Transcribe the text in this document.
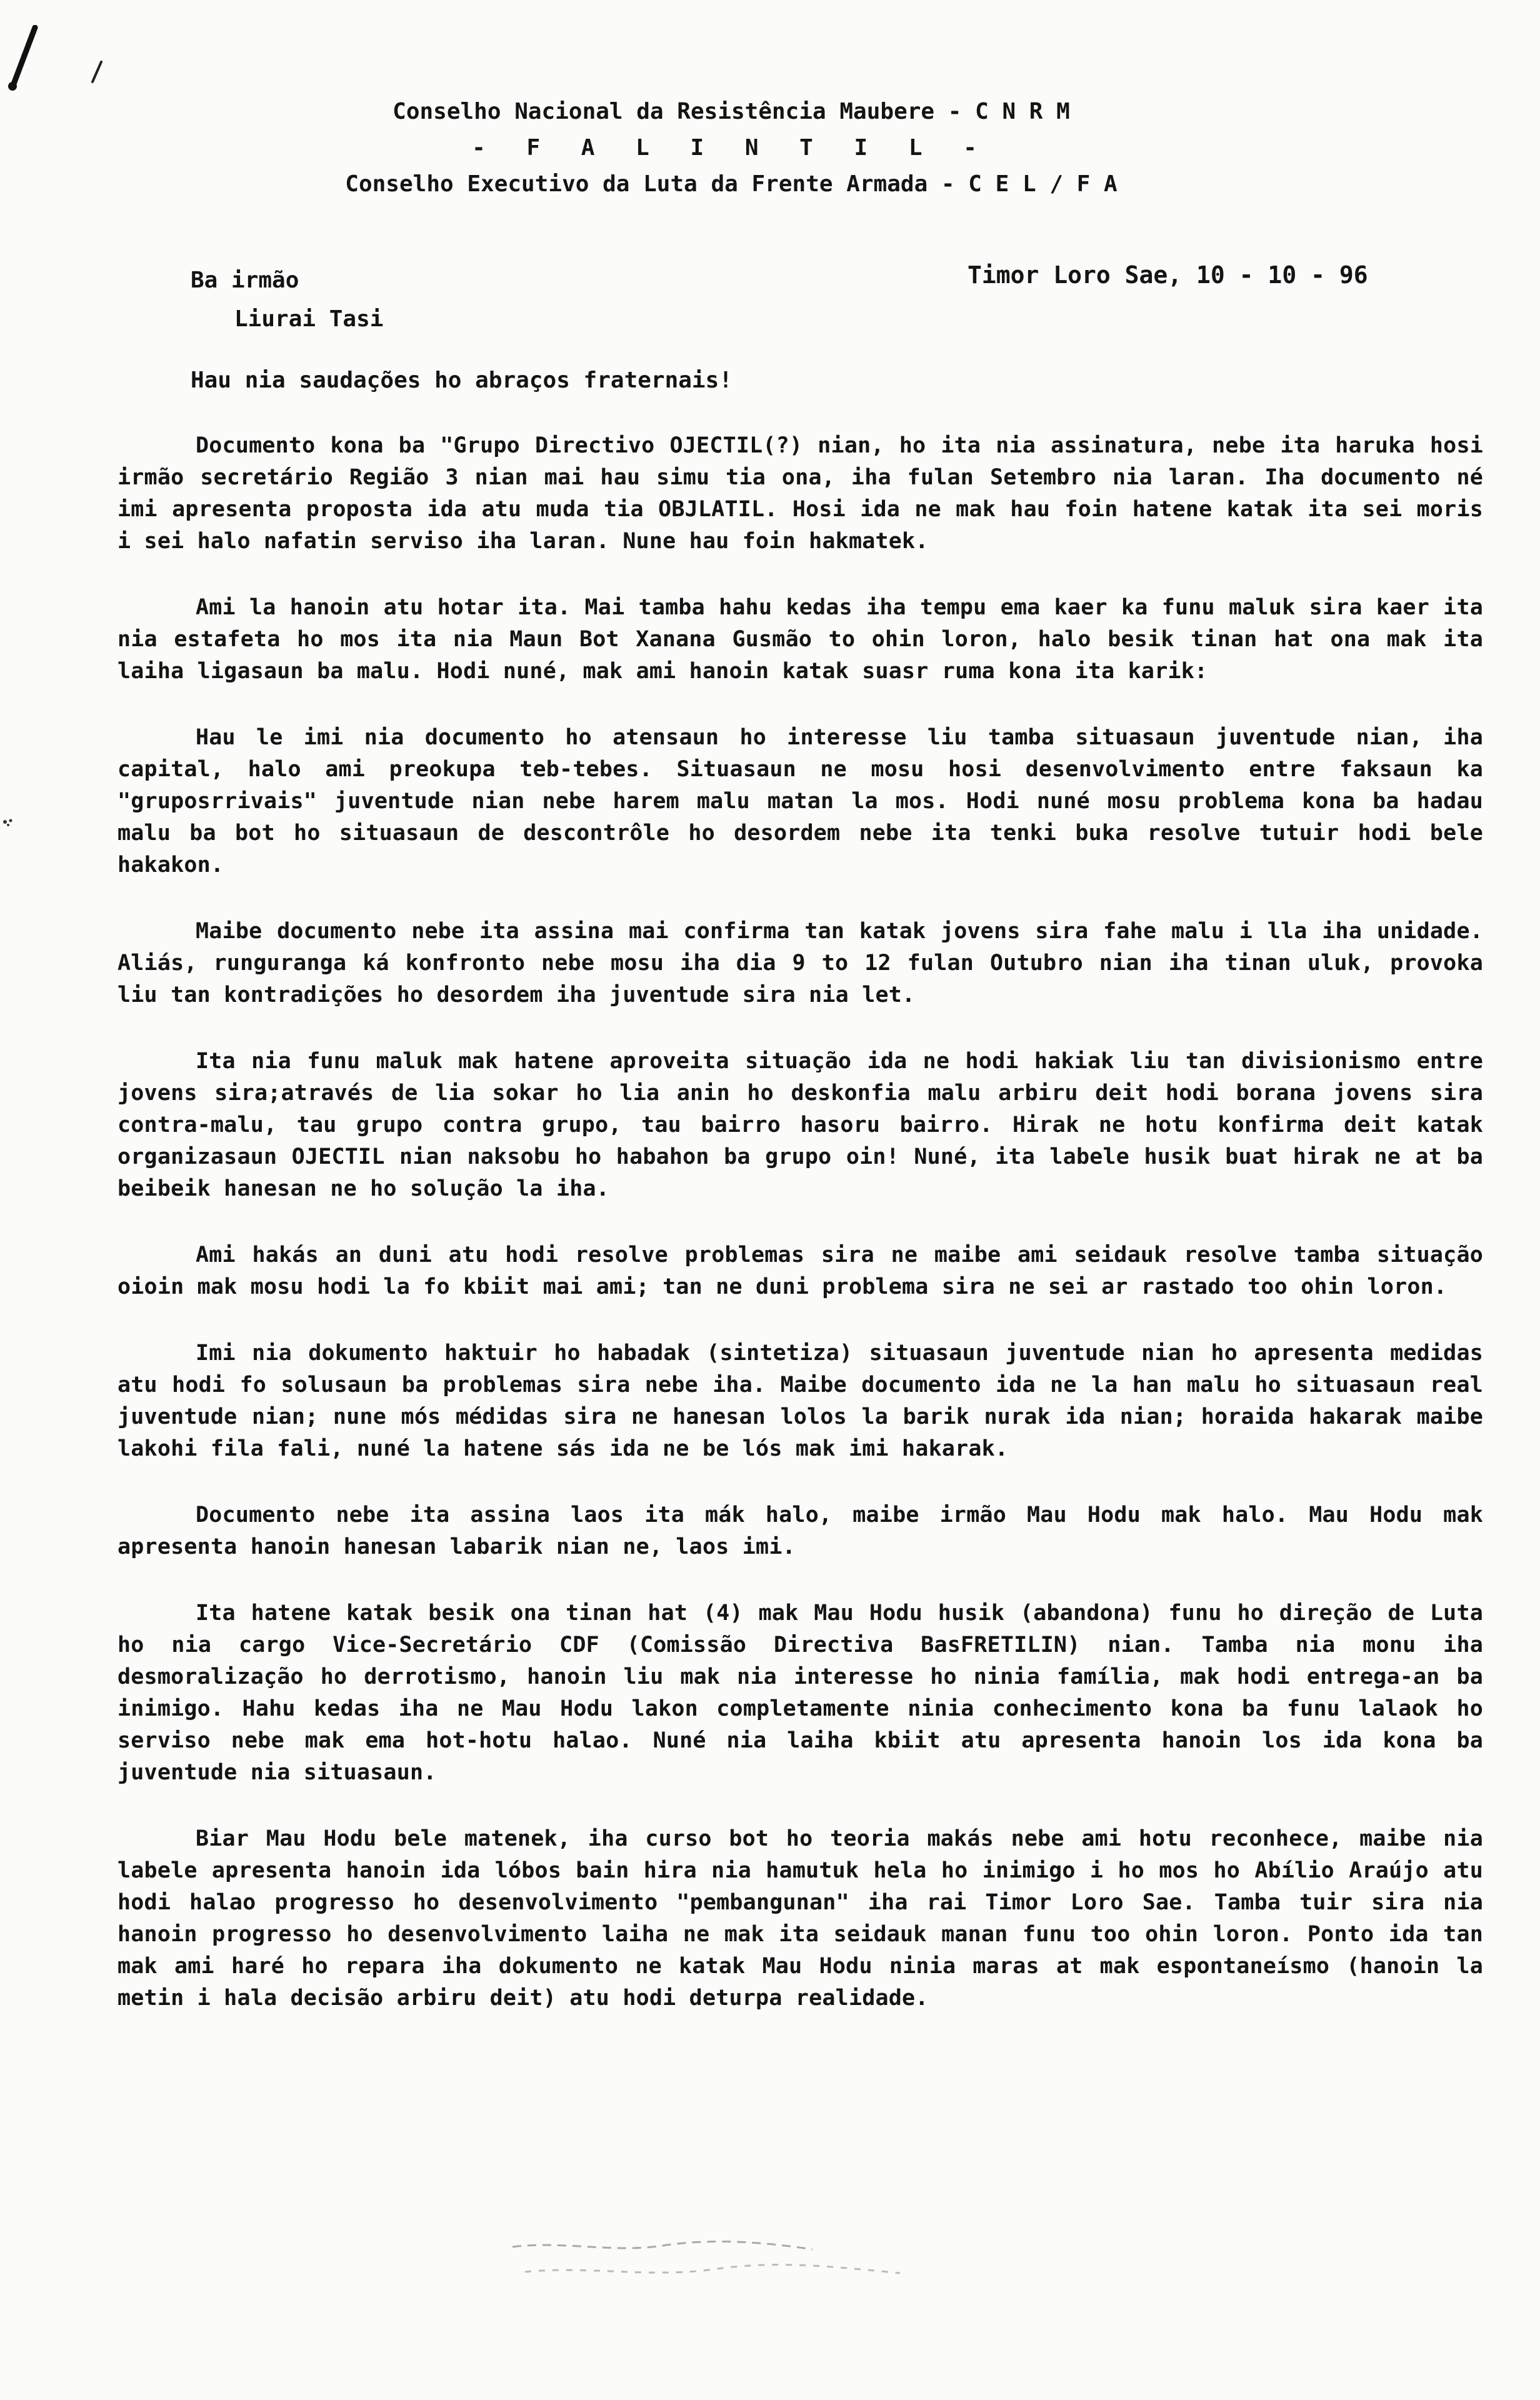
Conselho Nacional da Resistência Maubere - C N R M
- F A L I N T I L -
Conselho Executivo da Luta da Frente Armada - C E L / F A
Ba irmão
Liurai Tasi
Timor Loro Sae, 10 - 10 - 96
Hau nia saudações ho abraços fraternais!

Documento kona ba "Grupo Directivo OJECTIL(?) nian, ho ita nia assinatura, nebe ita haruka hosi irmão secretário Região 3 nian mai hau simu tia ona, iha fulan Setembro nia laran. Iha documento né imi apresenta proposta ida atu muda tia OBJLATIL. Hosi ida ne mak hau foin hatene katak ita sei moris i sei halo nafatin serviso iha laran. Nune hau foin hakmatek.

Ami la hanoin atu hotar ita. Mai tamba hahu kedas iha tempu ema kaer ka funu maluk sira kaer ita nia estafeta ho mos ita nia Maun Bot Xanana Gusmão to ohin loron, halo besik tinan hat ona mak ita laiha ligasaun ba malu. Hodi nuné, mak ami hanoin katak suasr ruma kona ita karik:

Hau le imi nia documento ho atensaun ho interesse liu tamba situasaun juventude nian, iha capital, halo ami preokupa teb-tebes. Situasaun ne mosu hosi desenvolvimento entre faksaun ka "gruposrrivais" juventude nian nebe harem malu matan la mos. Hodi nuné mosu problema kona ba hadau malu ba bot ho situasaun de descontrôle ho desordem nebe ita tenki buka resolve tutuir hodi bele hakakon.

Maibe documento nebe ita assina mai confirma tan katak jovens sira fahe malu i lla iha unidade. Aliás, runguranga ká konfronto nebe mosu iha dia 9 to 12 fulan Outubro nian iha tinan uluk, provoka liu tan kontradições ho desordem iha juventude sira nia let.

Ita nia funu maluk mak hatene aproveita situação ida ne hodi hakiak liu tan divisionismo entre jovens sira;através de lia sokar ho lia anin ho deskonfia malu arbiru deit hodi borana jovens sira contra-malu, tau grupo contra grupo, tau bairro hasoru bairro. Hirak ne hotu konfirma deit katak organizasaun OJECTIL nian naksobu ho habahon ba grupo oin! Nuné, ita labele husik buat hirak ne at ba beibeik hanesan ne ho solução la iha.

Ami hakás an duni atu hodi resolve problemas sira ne maibe ami seidauk resolve tamba situação oioin mak mosu hodi la fo kbiit mai ami; tan ne duni problema sira ne sei ar rastado too ohin loron.

Imi nia dokumento haktuir ho habadak (sintetiza) situasaun juventude nian ho apresenta medidas atu hodi fo solusaun ba problemas sira nebe iha. Maibe documento ida ne la han malu ho situasaun real juventude nian; nune mós médidas sira ne hanesan lolos la barik nurak ida nian; horaida hakarak maibe lakohi fila fali, nuné la hatene sás ida ne be lós mak imi hakarak.

Documento nebe ita assina laos ita mák halo, maibe irmão Mau Hodu mak halo. Mau Hodu mak apresenta hanoin hanesan labarik nian ne, laos imi.

Ita hatene katak besik ona tinan hat (4) mak Mau Hodu husik (abandona) funu ho direção de Luta ho nia cargo Vice-Secretário CDF (Comissão Directiva BasFRETILIN) nian. Tamba nia monu iha desmoralização ho derrotismo, hanoin liu mak nia interesse ho ninia família, mak hodi entrega-an ba inimigo. Hahu kedas iha ne Mau Hodu lakon completamente ninia conhecimento kona ba funu lalaok ho serviso nebe mak ema hot-hotu halao. Nuné nia laiha kbiit atu apresenta hanoin los ida kona ba juventude nia situasaun.

Biar Mau Hodu bele matenek, iha curso bot ho teoria makás nebe ami hotu reconhece, maibe nia labele apresenta hanoin ida lóbos bain hira nia hamutuk hela ho inimigo i ho mos ho Abílio Araújo atu hodi halao progresso ho desenvolvimento "pembangunan" iha rai Timor Loro Sae. Tamba tuir sira nia hanoin progresso ho desenvolvimento laiha ne mak ita seidauk manan funu too ohin loron. Ponto ida tan mak ami haré ho repara iha dokumento ne katak Mau Hodu ninia maras at mak espontaneísmo (hanoin la metin i hala decisão arbiru deit) atu hodi deturpa realidade.
